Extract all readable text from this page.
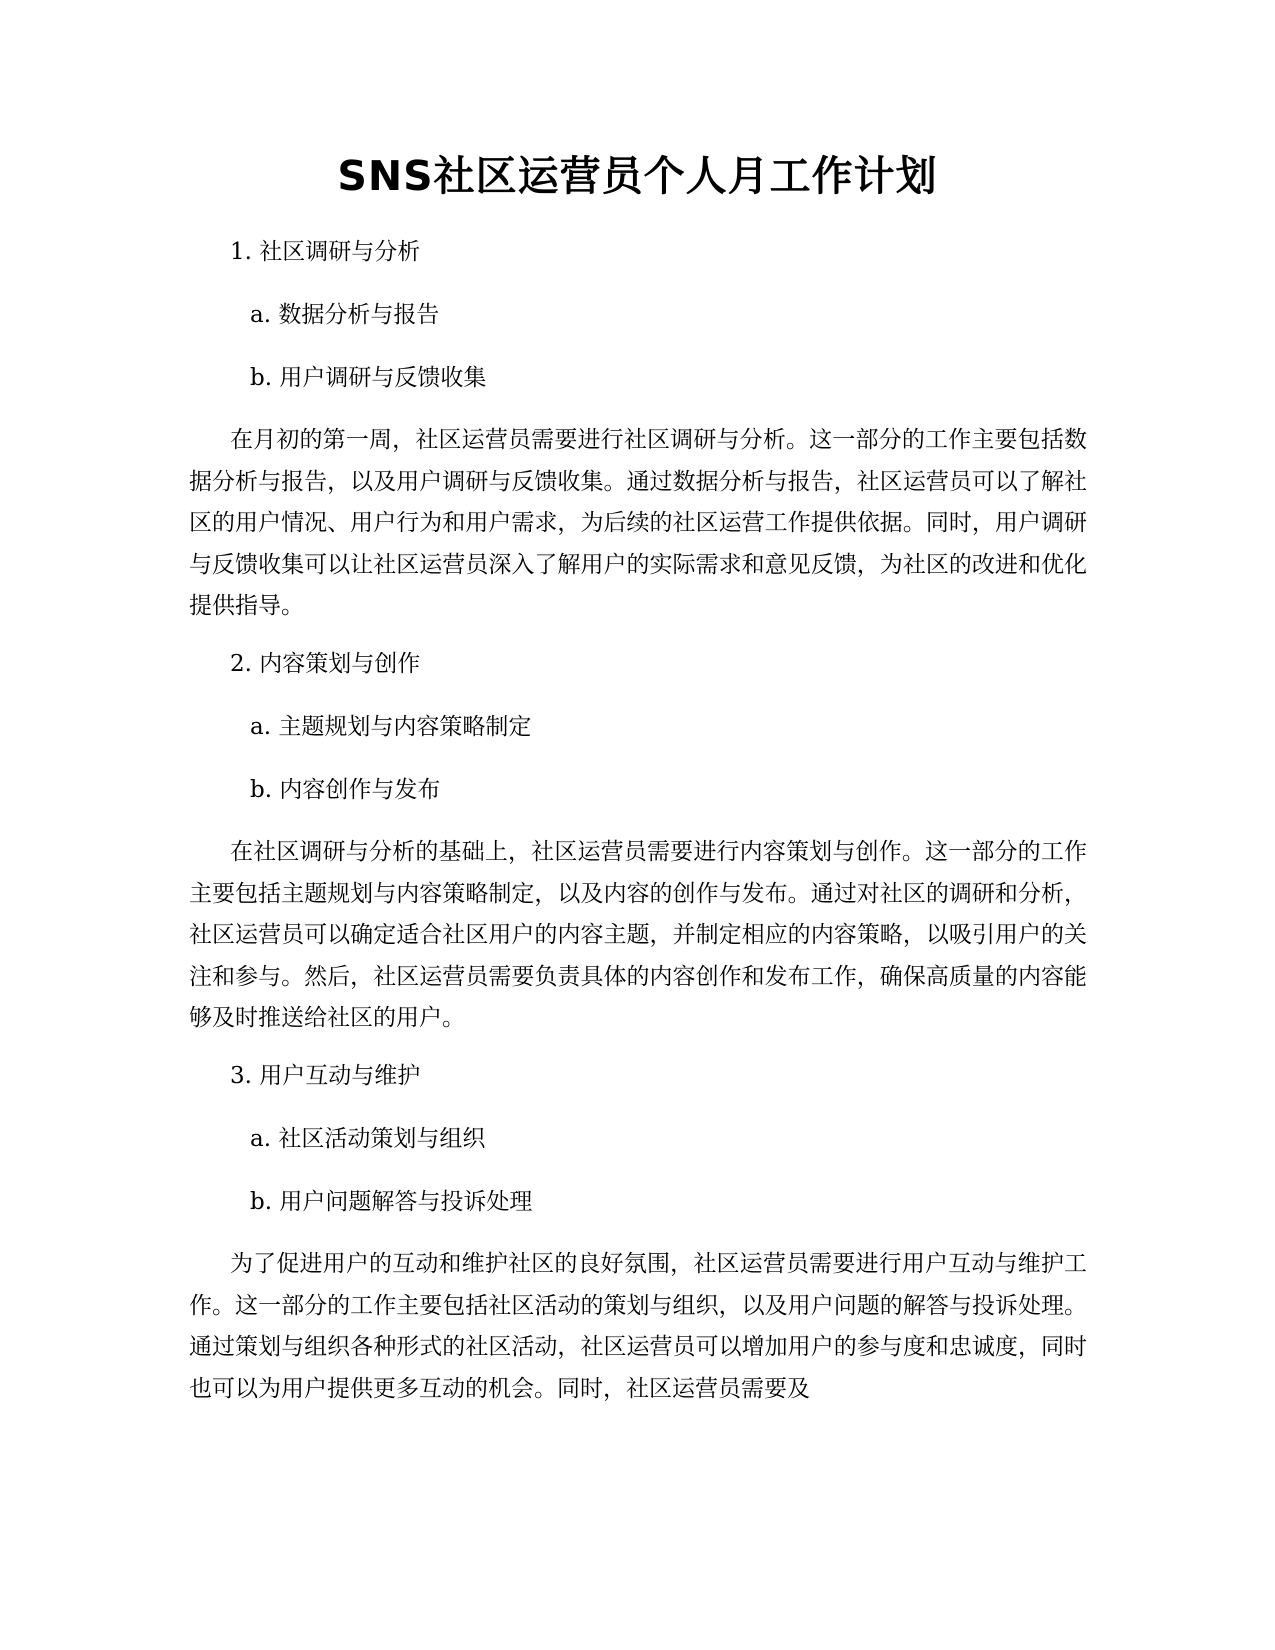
SNS社区运营员个人月工作计划
1. 社区调研与分析
a. 数据分析与报告
b. 用户调研与反馈收集

在月初的第一周，社区运营员需要进行社区调研与分析。这一部分的工作主要包括数据分析与报告，以及用户调研与反馈收集。通过数据分析与报告，社区运营员可以了解社区的用户情况、用户行为和用户需求，为后续的社区运营工作提供依据。同时，用户调研与反馈收集可以让社区运营员深入了解用户的实际需求和意见反馈，为社区的改进和优化提供指导。

2. 内容策划与创作
a. 主题规划与内容策略制定
b. 内容创作与发布

在社区调研与分析的基础上，社区运营员需要进行内容策划与创作。这一部分的工作主要包括主题规划与内容策略制定，以及内容的创作与发布。通过对社区的调研和分析，社区运营员可以确定适合社区用户的内容主题，并制定相应的内容策略，以吸引用户的关注和参与。然后，社区运营员需要负责具体的内容创作和发布工作，确保高质量的内容能够及时推送给社区的用户。

3. 用户互动与维护
a. 社区活动策划与组织
b. 用户问题解答与投诉处理

为了促进用户的互动和维护社区的良好氛围，社区运营员需要进行用户互动与维护工作。这一部分的工作主要包括社区活动的策划与组织，以及用户问题的解答与投诉处理。通过策划与组织各种形式的社区活动，社区运营员可以增加用户的参与度和忠诚度，同时也可以为用户提供更多互动的机会。同时，社区运营员需要及
